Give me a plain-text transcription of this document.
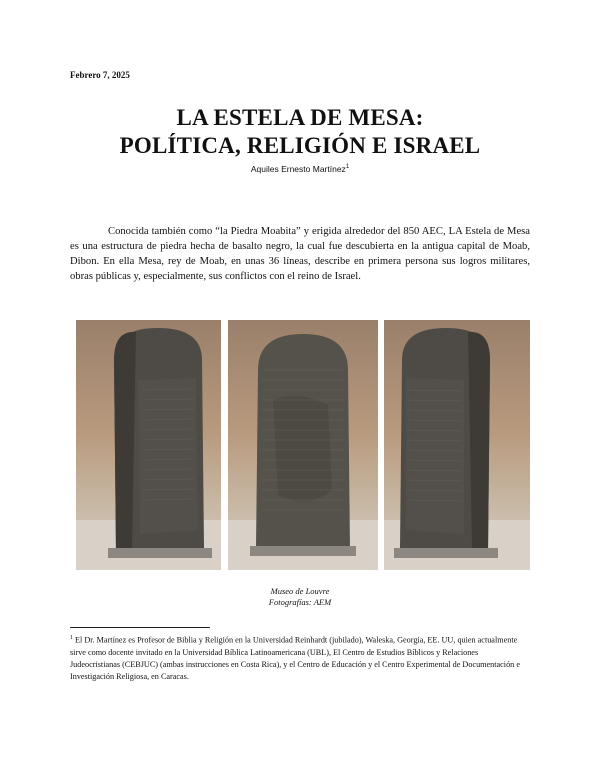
Febrero 7, 2025
LA ESTELA DE MESA:
POLÍTICA, RELIGIÓN E ISRAEL
Aquiles Ernesto Martínez$^1$

Conocida también como “la Piedra Moabita” y erigida alrededor del 850 AEC, LA Estela de Mesa es una estructura de piedra hecha de basalto negro, la cual fue descubierta en la antigua capital de Moab, Dibon. En ella Mesa, rey de Moab, en unas 36 líneas, describe en primera persona sus logros militares, obras públicas y, especialmente, sus conflictos con el reino de Israel.

Museo de Louvre
Fotografías: AEM

$^1$ El Dr. Martínez es Profesor de Biblia y Religión en la Universidad Reinhardt (jubilado), Waleska, Georgia, EE. UU, quien actualmente sirve como docente invitado en la Universidad Bíblica Latinoamericana (UBL), El Centro de Estudios Bíblicos y Relaciones Judeocristianas (CEBJUC) (ambas instrucciones en Costa Rica), y el Centro de Educación y el Centro Experimental de Documentación e Investigación Religiosa, en Caracas.
